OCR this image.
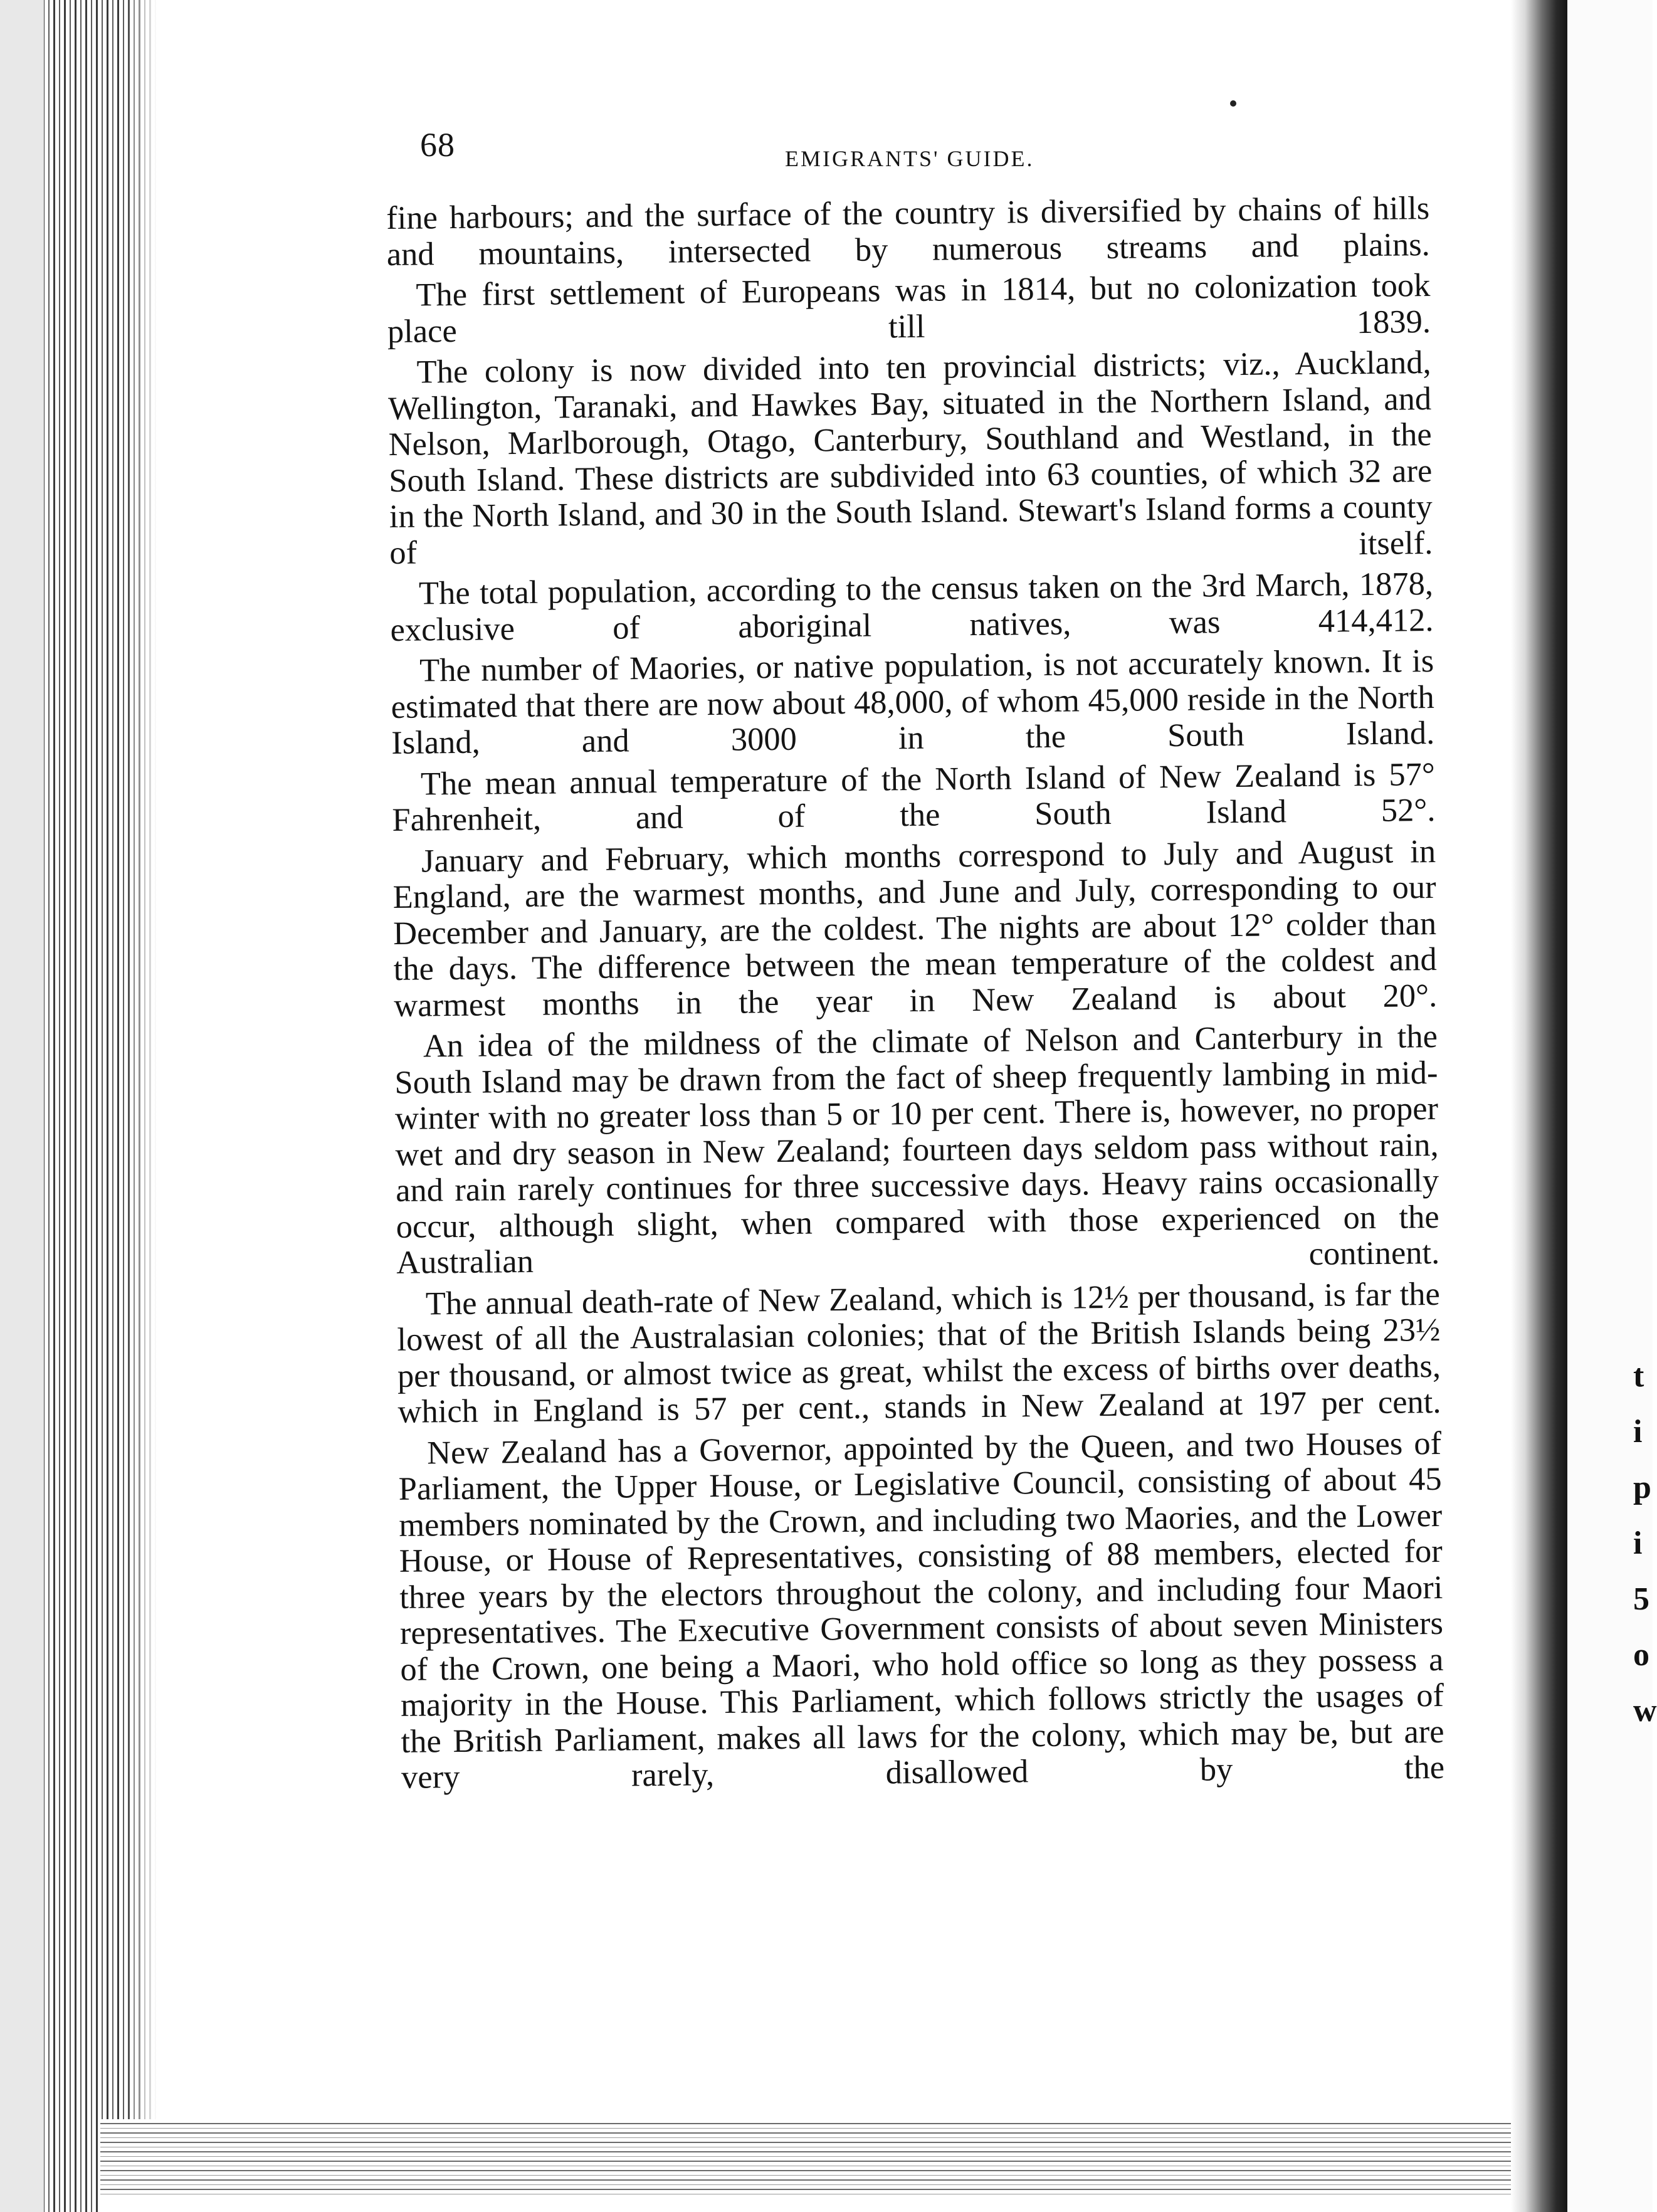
t
i
p
i
5
o
w
68	EMIGRANTS' GUIDE.

fine harbours; and the surface of the country is diversified by chains of hills and mountains, intersected by numerous streams and plains.

The first settlement of Europeans was in 1814, but no colonization took place till 1839.

The colony is now divided into ten provincial districts; viz., Auckland, Wellington, Taranaki, and Hawkes Bay, situated in the Northern Island, and Nelson, Marlborough, Otago, Canterbury, Southland and Westland, in the South Island. These districts are subdivided into 63 counties, of which 32 are in the North Island, and 30 in the South Island. Stewart's Island forms a county of itself.

The total population, according to the census taken on the 3rd March, 1878, exclusive of aboriginal natives, was 414,412.

The number of Maories, or native population, is not accurately known. It is estimated that there are now about 48,000, of whom 45,000 reside in the North Island, and 3000 in the South Island.

The mean annual temperature of the North Island of New Zealand is 57° Fahrenheit, and of the South Island 52°.

January and February, which months correspond to July and August in England, are the warmest months, and June and July, corresponding to our December and January, are the coldest. The nights are about 12° colder than the days. The difference between the mean temperature of the coldest and warmest months in the year in New Zealand is about 20°.

An idea of the mildness of the climate of Nelson and Canterbury in the South Island may be drawn from the fact of sheep frequently lambing in mid-winter with no greater loss than 5 or 10 per cent. There is, however, no proper wet and dry season in New Zealand; fourteen days seldom pass without rain, and rain rarely continues for three successive days. Heavy rains occasionally occur, although slight, when compared with those experienced on the Australian continent.

The annual death-rate of New Zealand, which is 12½ per thousand, is far the lowest of all the Australasian colonies; that of the British Islands being 23½ per thousand, or almost twice as great, whilst the excess of births over deaths, which in England is 57 per cent., stands in New Zealand at 197 per cent.

New Zealand has a Governor, appointed by the Queen, and two Houses of Parliament, the Upper House, or Legislative Council, consisting of about 45 members nominated by the Crown, and including two Maories, and the Lower House, or House of Representatives, consisting of 88 members, elected for three years by the electors throughout the colony, and including four Maori representatives. The Executive Government consists of about seven Ministers of the Crown, one being a Maori, who hold office so long as they possess a majority in the House. This Parliament, which follows strictly the usages of the British Parliament, makes all laws for the colony, which may be, but are very rarely, disallowed by the
